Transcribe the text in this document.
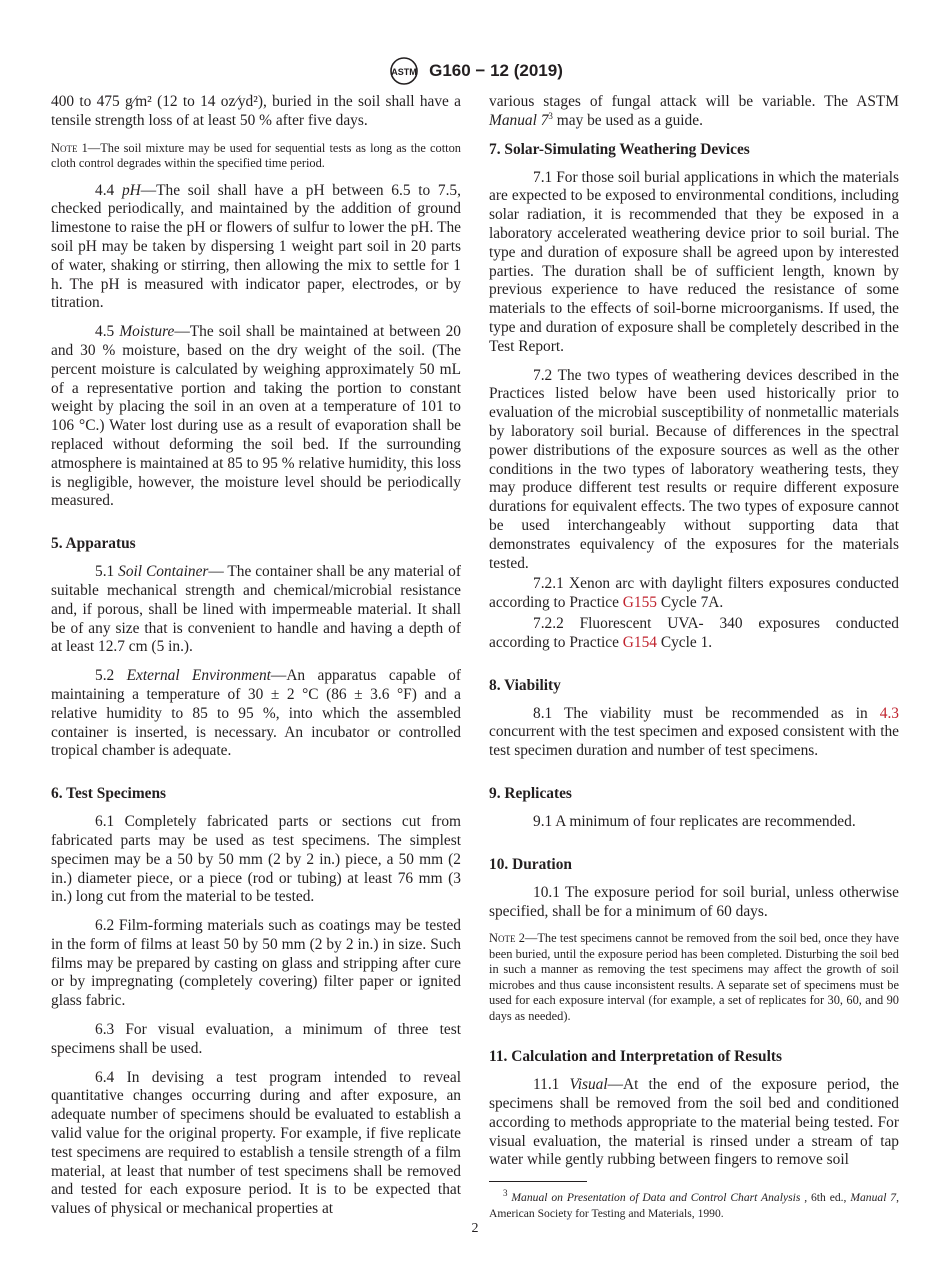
ASTM G160 − 12 (2019)

400 to 475 g⁄m² (12 to 14 oz⁄yd²), buried in the soil shall have a tensile strength loss of at least 50 % after five days.

Note 1—The soil mixture may be used for sequential tests as long as the cotton cloth control degrades within the specified time period.

4.4 pH—The soil shall have a pH between 6.5 to 7.5, checked periodically, and maintained by the addition of ground limestone to raise the pH or flowers of sulfur to lower the pH. The soil pH may be taken by dispersing 1 weight part soil in 20 parts of water, shaking or stirring, then allowing the mix to settle for 1 h. The pH is measured with indicator paper, electrodes, or by titration.

4.5 Moisture—The soil shall be maintained at between 20 and 30 % moisture, based on the dry weight of the soil. (The percent moisture is calculated by weighing approximately 50 mL of a representative portion and taking the portion to constant weight by placing the soil in an oven at a temperature of 101 to 106 °C.) Water lost during use as a result of evaporation shall be replaced without deforming the soil bed. If the surrounding atmosphere is maintained at 85 to 95 % relative humidity, this loss is negligible, however, the moisture level should be periodically measured.

5. Apparatus

5.1 Soil Container— The container shall be any material of suitable mechanical strength and chemical/microbial resistance and, if porous, shall be lined with impermeable material. It shall be of any size that is convenient to handle and having a depth of at least 12.7 cm (5 in.).

5.2 External Environment—An apparatus capable of maintaining a temperature of 30 ± 2 °C (86 ± 3.6 °F) and a relative humidity to 85 to 95 %, into which the assembled container is inserted, is necessary. An incubator or controlled tropical chamber is adequate.

6. Test Specimens

6.1 Completely fabricated parts or sections cut from fabricated parts may be used as test specimens. The simplest specimen may be a 50 by 50 mm (2 by 2 in.) piece, a 50 mm (2 in.) diameter piece, or a piece (rod or tubing) at least 76 mm (3 in.) long cut from the material to be tested.

6.2 Film-forming materials such as coatings may be tested in the form of films at least 50 by 50 mm (2 by 2 in.) in size. Such films may be prepared by casting on glass and stripping after cure or by impregnating (completely covering) filter paper or ignited glass fabric.

6.3 For visual evaluation, a minimum of three test specimens shall be used.

6.4 In devising a test program intended to reveal quantitative changes occurring during and after exposure, an adequate number of specimens should be evaluated to establish a valid value for the original property. For example, if five replicate test specimens are required to establish a tensile strength of a film material, at least that number of test specimens shall be removed and tested for each exposure period. It is to be expected that values of physical or mechanical properties at

various stages of fungal attack will be variable. The ASTM Manual $7^3$ may be used as a guide.

7. Solar-Simulating Weathering Devices

7.1 For those soil burial applications in which the materials are expected to be exposed to environmental conditions, including solar radiation, it is recommended that they be exposed in a laboratory accelerated weathering device prior to soil burial. The type and duration of exposure shall be agreed upon by interested parties. The duration shall be of sufficient length, known by previous experience to have reduced the resistance of some materials to the effects of soil-borne microorganisms. If used, the type and duration of exposure shall be completely described in the Test Report.

7.2 The two types of weathering devices described in the Practices listed below have been used historically prior to evaluation of the microbial susceptibility of nonmetallic materials by laboratory soil burial. Because of differences in the spectral power distributions of the exposure sources as well as the other conditions in the two types of laboratory weathering tests, they may produce different test results or require different exposure durations for equivalent effects. The two types of exposure cannot be used interchangeably without supporting data that demonstrates equivalency of the exposures for the materials tested.

7.2.1 Xenon arc with daylight filters exposures conducted according to Practice G155 Cycle 7A.

7.2.2 Fluorescent UVA- 340 exposures conducted according to Practice G154 Cycle 1.

8. Viability

8.1 The viability must be recommended as in 4.3 concurrent with the test specimen and exposed consistent with the test specimen duration and number of test specimens.

9. Replicates

9.1 A minimum of four replicates are recommended.

10. Duration

10.1 The exposure period for soil burial, unless otherwise specified, shall be for a minimum of 60 days.

Note 2—The test specimens cannot be removed from the soil bed, once they have been buried, until the exposure period has been completed. Disturbing the soil bed in such a manner as removing the test specimens may affect the growth of soil microbes and thus cause inconsistent results. A separate set of specimens must be used for each exposure interval (for example, a set of replicates for 30, 60, and 90 days as needed).

11. Calculation and Interpretation of Results

11.1 Visual—At the end of the exposure period, the specimens shall be removed from the soil bed and conditioned according to methods appropriate to the material being tested. For visual evaluation, the material is rinsed under a stream of tap water while gently rubbing between fingers to remove soil

$^3$ Manual on Presentation of Data and Control Chart Analysis , 6th ed., Manual 7, American Society for Testing and Materials, 1990.
2
